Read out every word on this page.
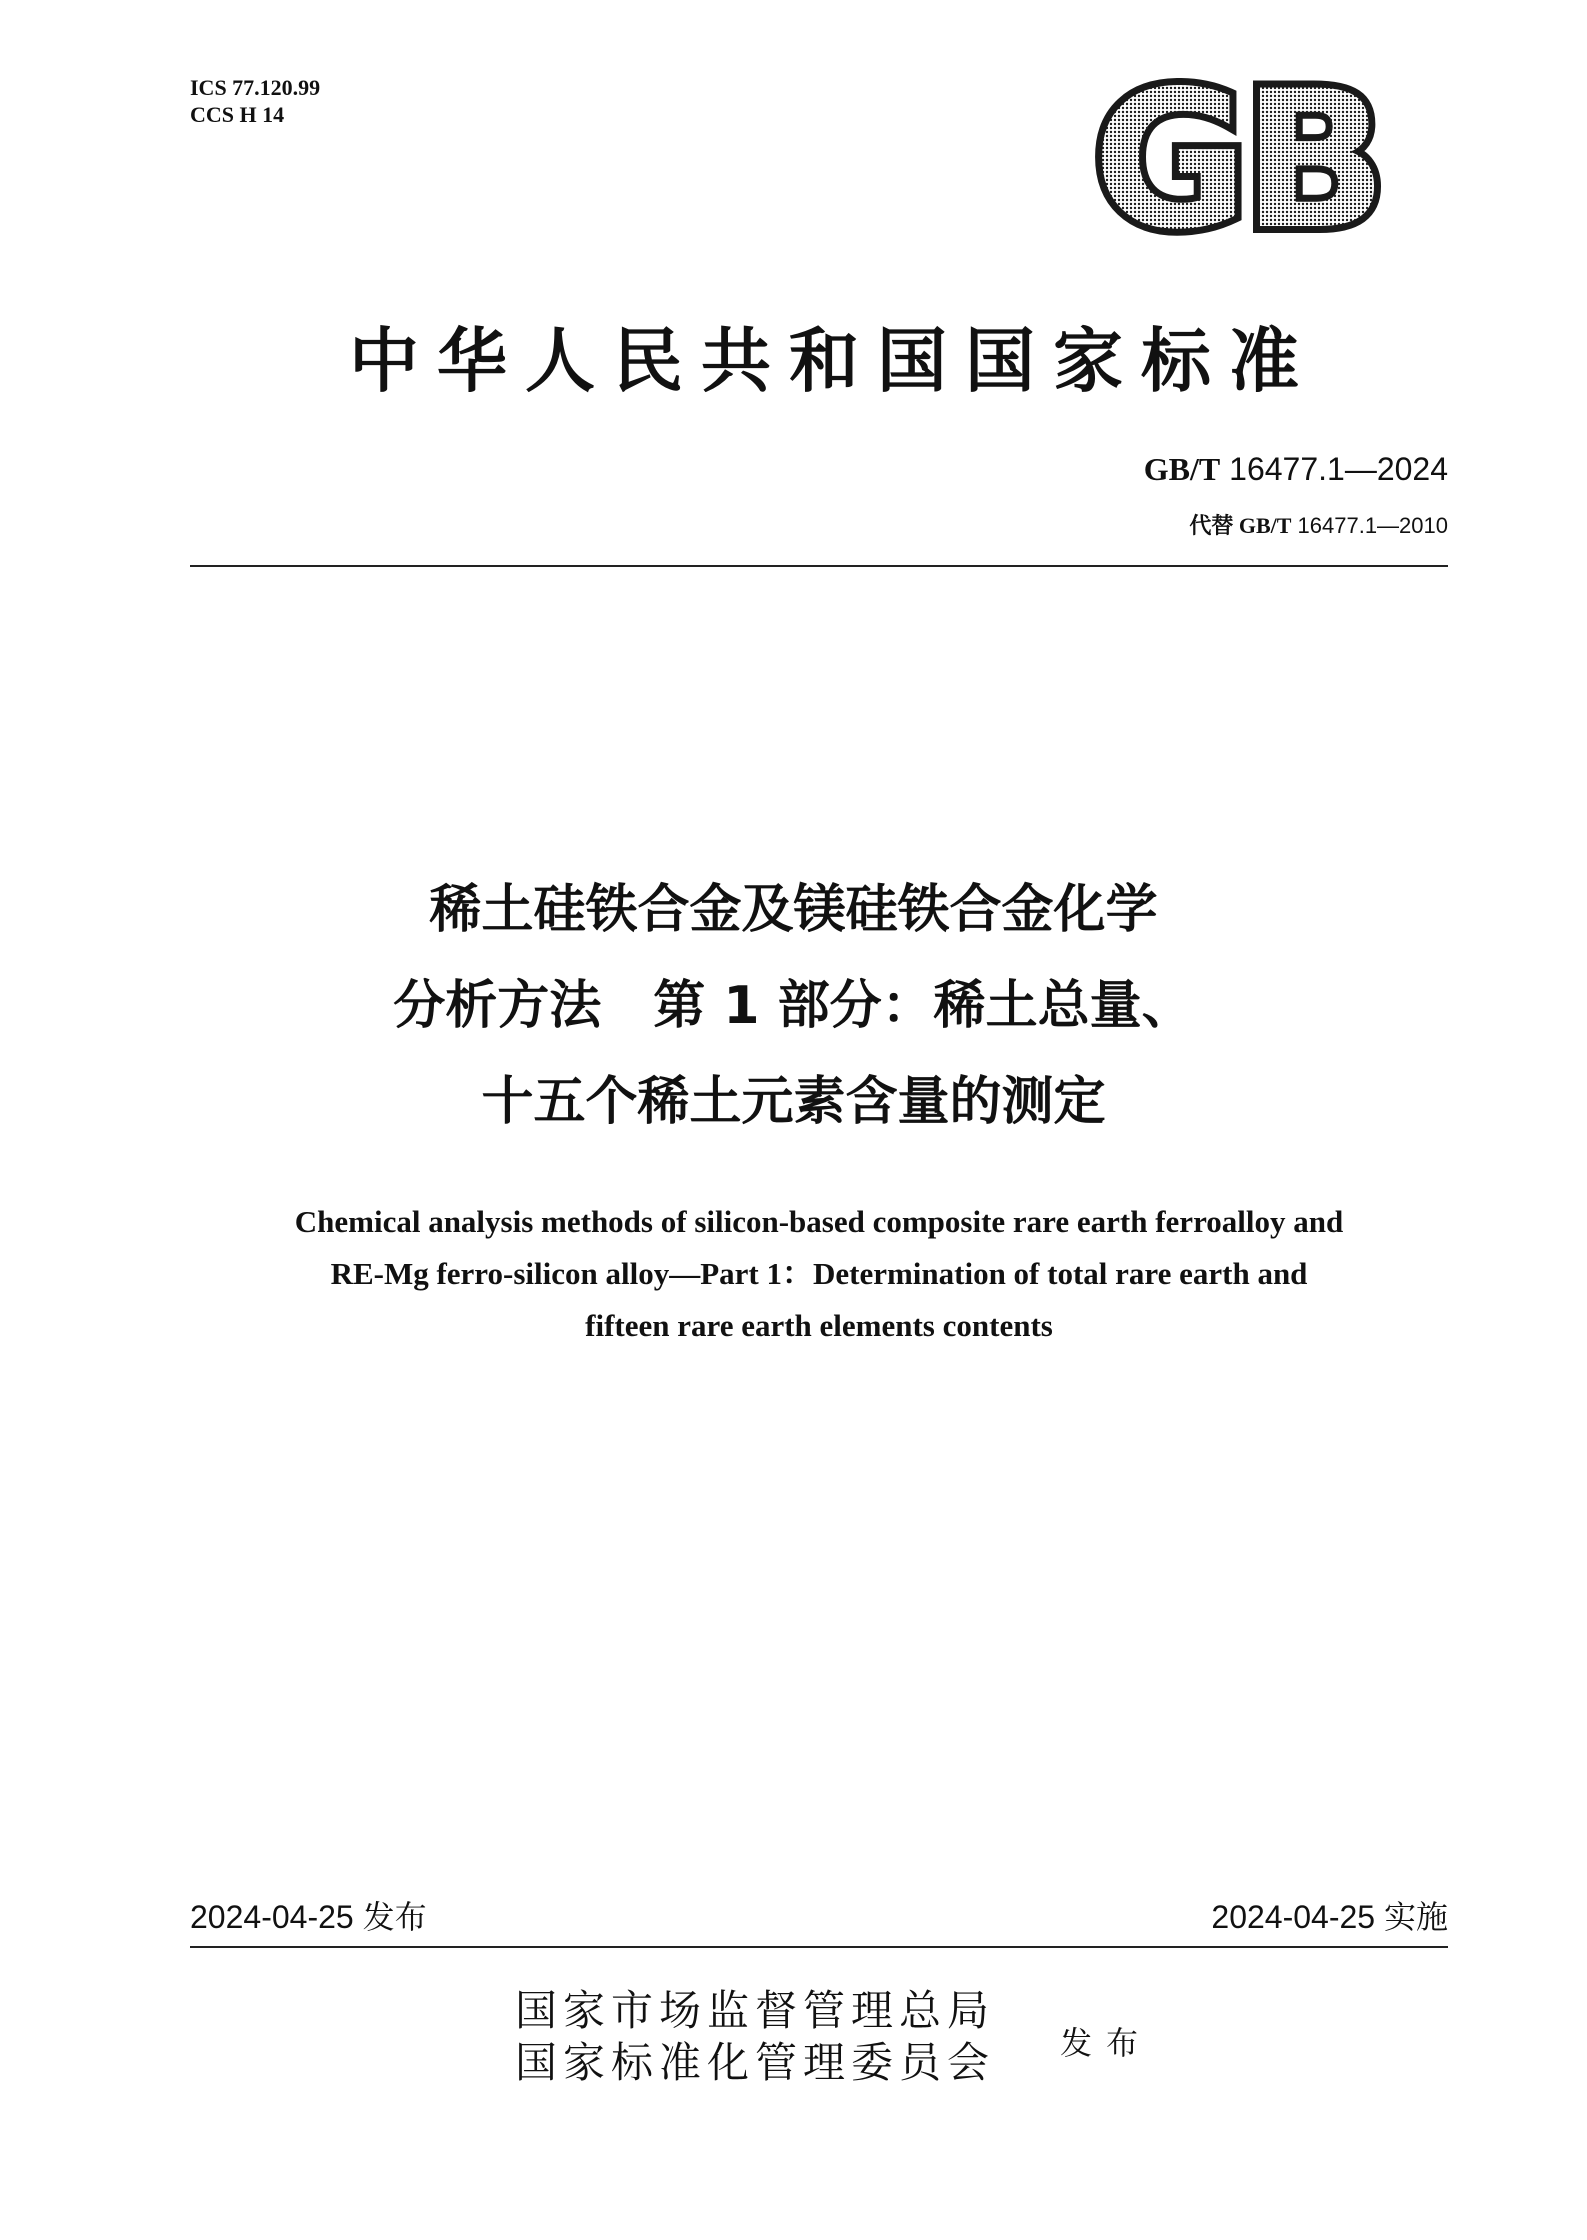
ICS 77.120.99
CCS H 14	GB
中华人民共和国国家标准
GB/T 16477.1—2024
代替 GB/T 16477.1—2010
稀土硅铁合金及镁硅铁合金化学
分析方法　第 1 部分：稀土总量、
十五个稀土元素含量的测定
Chemical analysis methods of silicon-based composite rare earth ferroalloy and
RE-Mg ferro-silicon alloy—Part 1：Determination of total rare earth and
fifteen rare earth elements contents
2024-04-25 发布	2024-04-25 实施
国家市场监督管理总局
国家标准化管理委员会 发布
